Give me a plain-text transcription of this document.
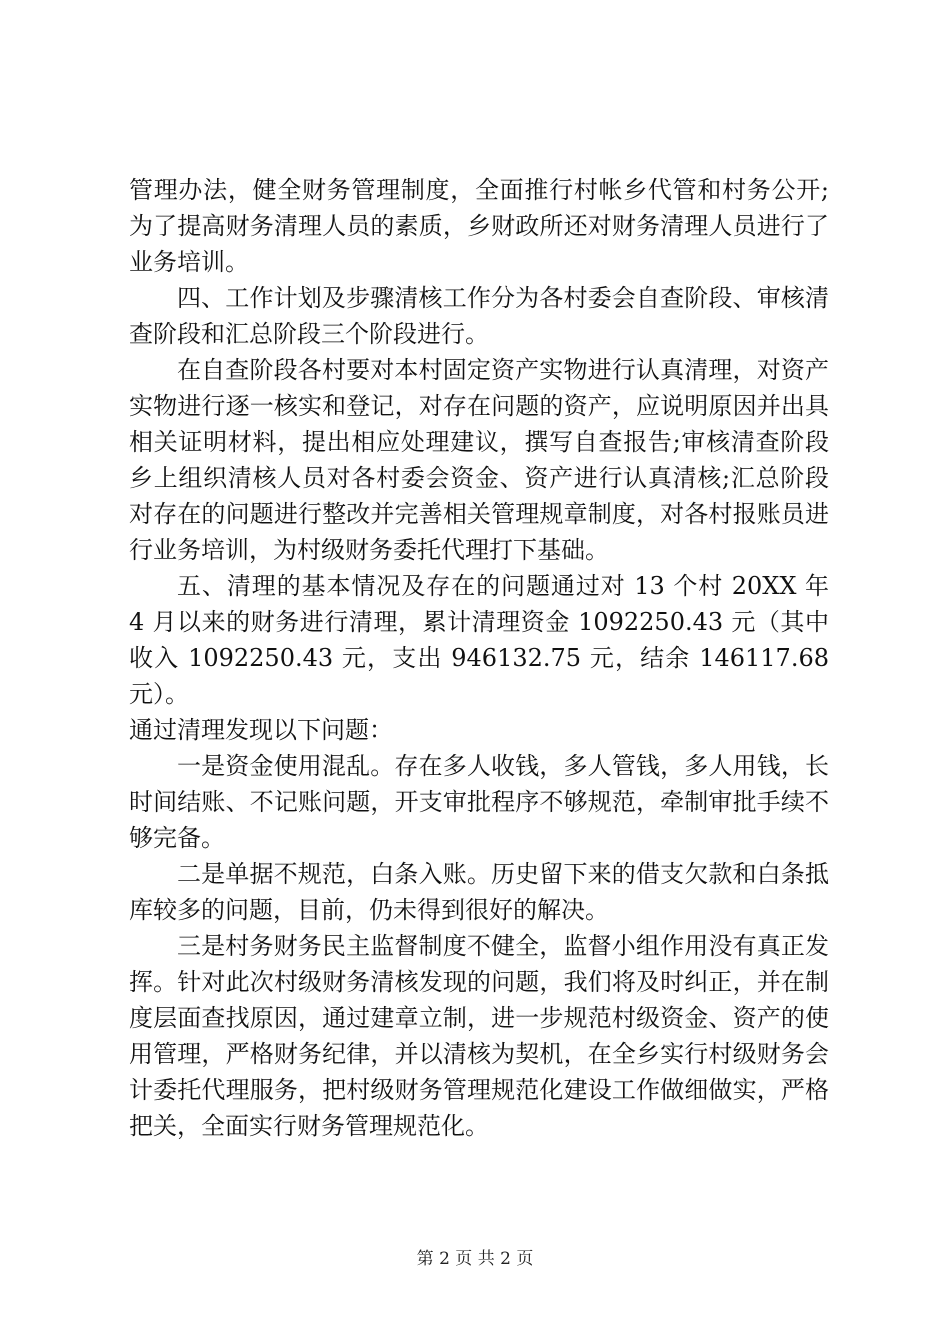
管理办法，健全财务管理制度，全面推行村帐乡代管和村务公开;为了提高财务清理人员的素质，乡财政所还对财务清理人员进行了业务培训。

四、工作计划及步骤清核工作分为各村委会自查阶段、审核清查阶段和汇总阶段三个阶段进行。

在自查阶段各村要对本村固定资产实物进行认真清理，对资产实物进行逐一核实和登记，对存在问题的资产，应说明原因并出具相关证明材料，提出相应处理建议，撰写自查报告;审核清查阶段乡上组织清核人员对各村委会资金、资产进行认真清核;汇总阶段对存在的问题进行整改并完善相关管理规章制度，对各村报账员进行业务培训，为村级财务委托代理打下基础。

五、清理的基本情况及存在的问题通过对 13 个村 20XX 年 4 月以来的财务进行清理，累计清理资金 1092250.43 元（其中收入 1092250.43 元，支出 946132.75 元，结余 146117.68 元）。

通过清理发现以下问题：

一是资金使用混乱。存在多人收钱，多人管钱，多人用钱，长时间结账、不记账问题，开支审批程序不够规范，牵制审批手续不够完备。

二是单据不规范，白条入账。历史留下来的借支欠款和白条抵库较多的问题，目前，仍未得到很好的解决。

三是村务财务民主监督制度不健全，监督小组作用没有真正发挥。针对此次村级财务清核发现的问题，我们将及时纠正，并在制度层面查找原因，通过建章立制，进一步规范村级资金、资产的使用管理，严格财务纪律，并以清核为契机，在全乡实行村级财务会计委托代理服务，把村级财务管理规范化建设工作做细做实，严格把关，全面实行财务管理规范化。

第 2 页 共 2 页
